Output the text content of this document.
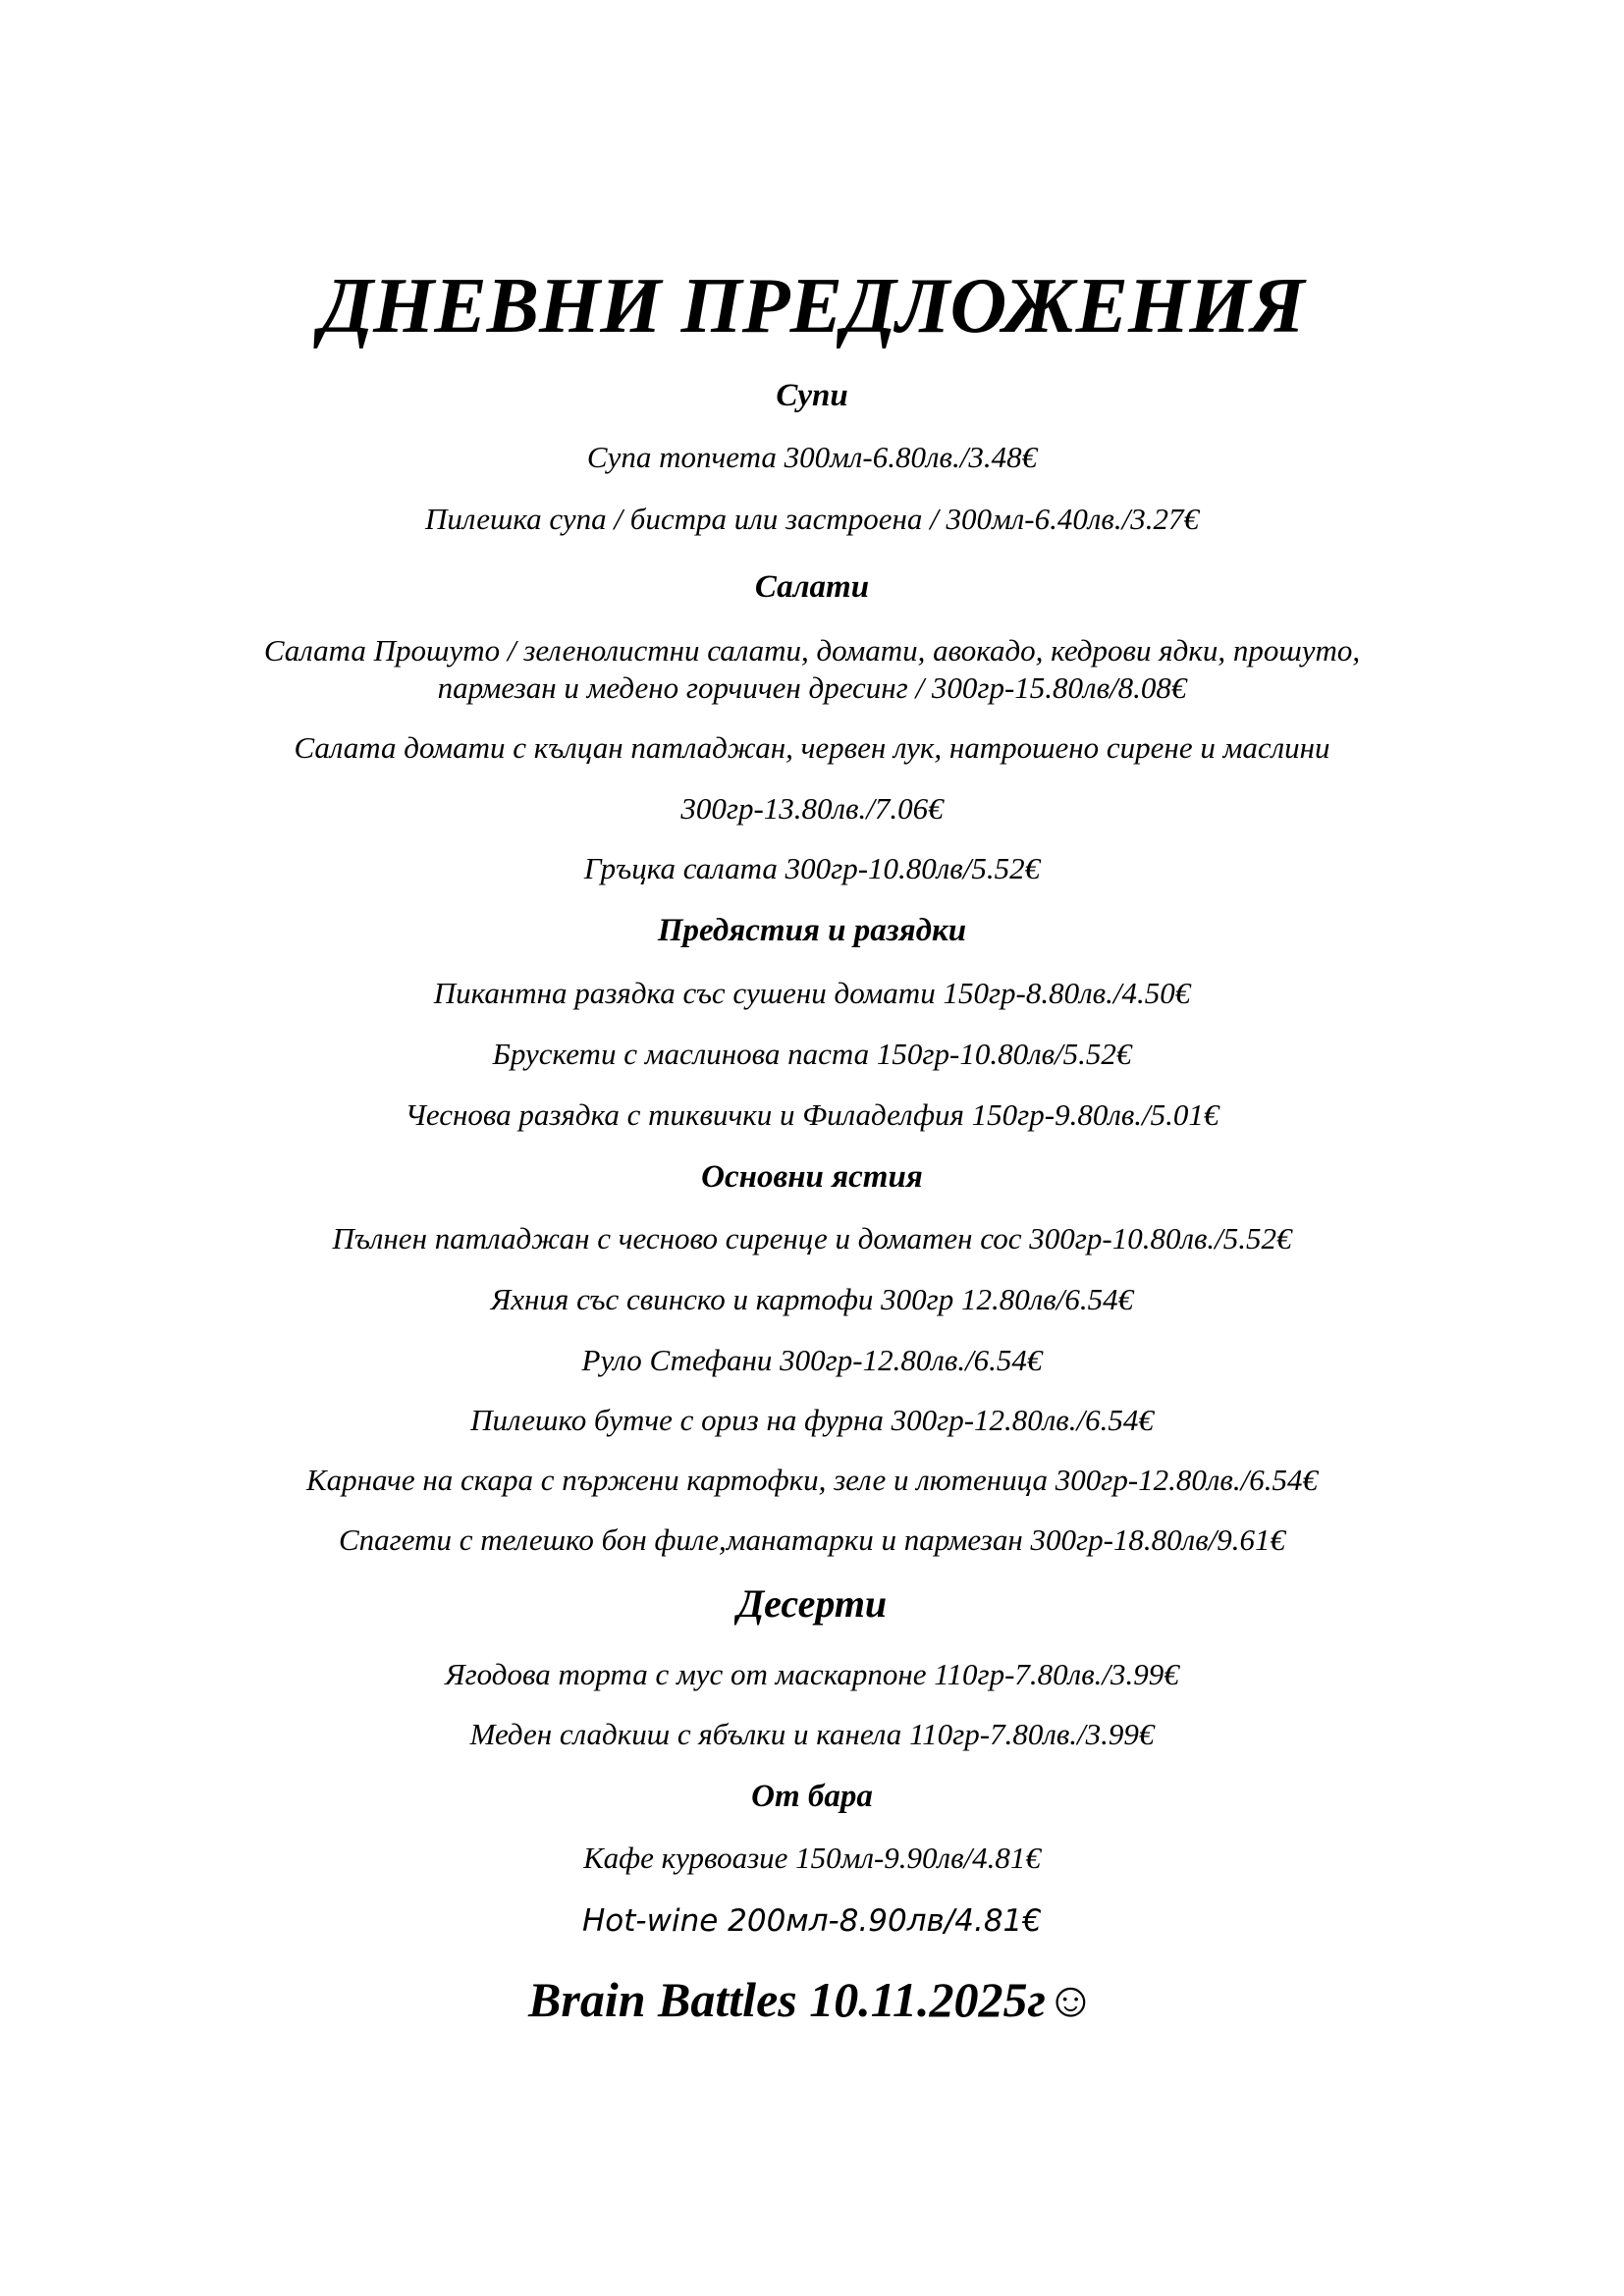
ДНЕВНИ ПРЕДЛОЖЕНИЯ
Супи
Супа топчета 300мл-6.80лв./3.48€
Пилешка супа / бистра или застроена / 300мл-6.40лв./3.27€
Салати
Салата Прошуто / зеленолистни салати, домати, авокадо, кедрови ядки, прошуто,
пармезан и медено горчичен дресинг / 300гр-15.80лв/8.08€
Салата домати с кълцан патладжан, червен лук, натрошено сирене и маслини
300гр-13.80лв./7.06€
Гръцка салата 300гр-10.80лв/5.52€
Предястия и разядки
Пикантна разядка със сушени домати 150гр-8.80лв./4.50€
Брускети с маслинова паста 150гр-10.80лв/5.52€
Чеснова разядка с тиквички и Филаделфия 150гр-9.80лв./5.01€
Основни ястия
Пълнен патладжан с чесново сиренце и доматен сос 300гр-10.80лв./5.52€
Яхния със свинско и картофи 300гр 12.80лв/6.54€
Руло Стефани 300гр-12.80лв./6.54€
Пилешко бутче с ориз на фурна 300гр-12.80лв./6.54€
Карначе на скара с пържени картофки, зеле и лютеница 300гр-12.80лв./6.54€
Спагети с телешко бон филе,манатарки и пармезан 300гр-18.80лв/9.61€
Десерти
Ягодова торта с мус от маскарпоне 110гр-7.80лв./3.99€
Меден сладкиш с ябълки и канела 110гр-7.80лв./3.99€
От бара
Кафе курвоазие 150мл-9.90лв/4.81€
Hot-wine 200мл-8.90лв/4.81€
Brain Battles 10.11.2025г☺
